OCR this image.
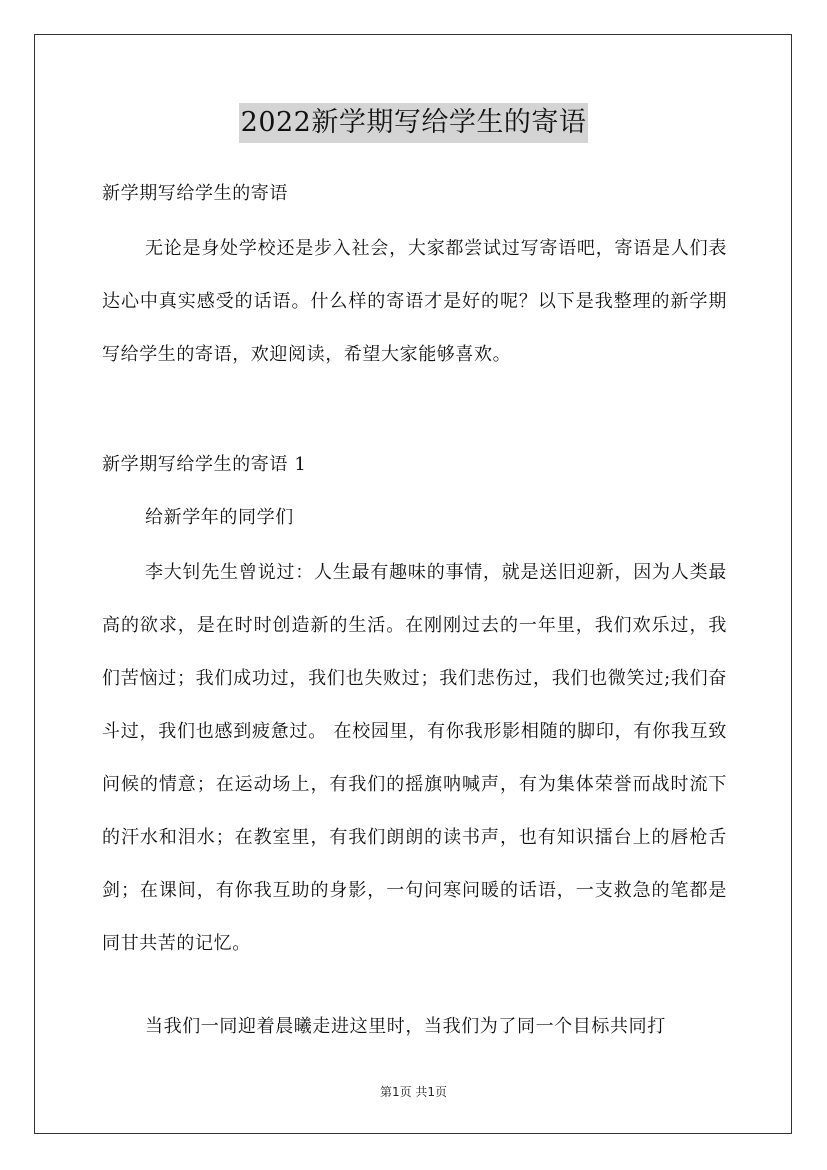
2022新学期写给学生的寄语

新学期写给学生的寄语

无论是身处学校还是步入社会，大家都尝试过写寄语吧，寄语是人们表达心中真实感受的话语。什么样的寄语才是好的呢？以下是我整理的新学期写给学生的寄语，欢迎阅读，希望大家能够喜欢。

新学期写给学生的寄语 1

给新学年的同学们

李大钊先生曾说过：人生最有趣味的事情，就是送旧迎新，因为人类最高的欲求，是在时时创造新的生活。在刚刚过去的一年里，我们欢乐过，我们苦恼过；我们成功过，我们也失败过；我们悲伤过，我们也微笑过;我们奋斗过，我们也感到疲惫过。 在校园里，有你我形影相随的脚印，有你我互致问候的情意；在运动场上，有我们的摇旗呐喊声，有为集体荣誉而战时流下的汗水和泪水；在教室里，有我们朗朗的读书声，也有知识擂台上的唇枪舌剑；在课间，有你我互助的身影，一句问寒问暖的话语，一支救急的笔都是同甘共苦的记忆。

当我们一同迎着晨曦走进这里时，当我们为了同一个目标共同打

第1页 共1页
